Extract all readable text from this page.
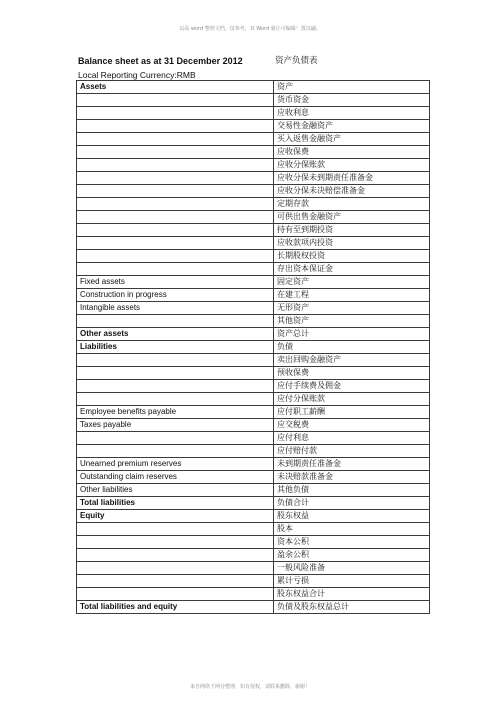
以高 word 整理文档，仅参考，双 Word 就让可编辑！置汉翩。
Balance sheet as at 31 December 2012	资产负债表
Local Reporting Currency:RMB
Assets	资产
	货币资金
	应收利息
	交易性金融资产
	买入返售金融资产
	应收保费
	应收分保账款
	应收分保未到期责任准备金
	应收分保未决赔偿准备金
	定期存款
	可供出售金融资产
	持有至到期投资
	应收款项内投资
	长期股权投资
	存出资本保证金
Fixed assets	固定资产
Construction in progress	在建工程
Intangible assets	无形资产
	其他资产
Other assets	资产总计
Liabilities	负债
	卖出回购金融资产
	预收保费
	应付手续费及佣金
	应付分保账款
Employee benefits payable	应付职工薪酬
Taxes payable	应交税费
	应付利息
	应付赔付款
Unearned premium reserves	未到期责任准备金
Outstanding claim reserves	未决赔款准备金
Other liabilities	其他负债
Total liabilities	负债合计
Equity	股东权益
	股本
	资本公积
	盈余公积
	一般风险准备
	累计亏损
	股东权益合计
Total liabilities and equity	负债及股东权益总计
来自网络下网分整理，如有侵权，请联系删除，谢谢！
